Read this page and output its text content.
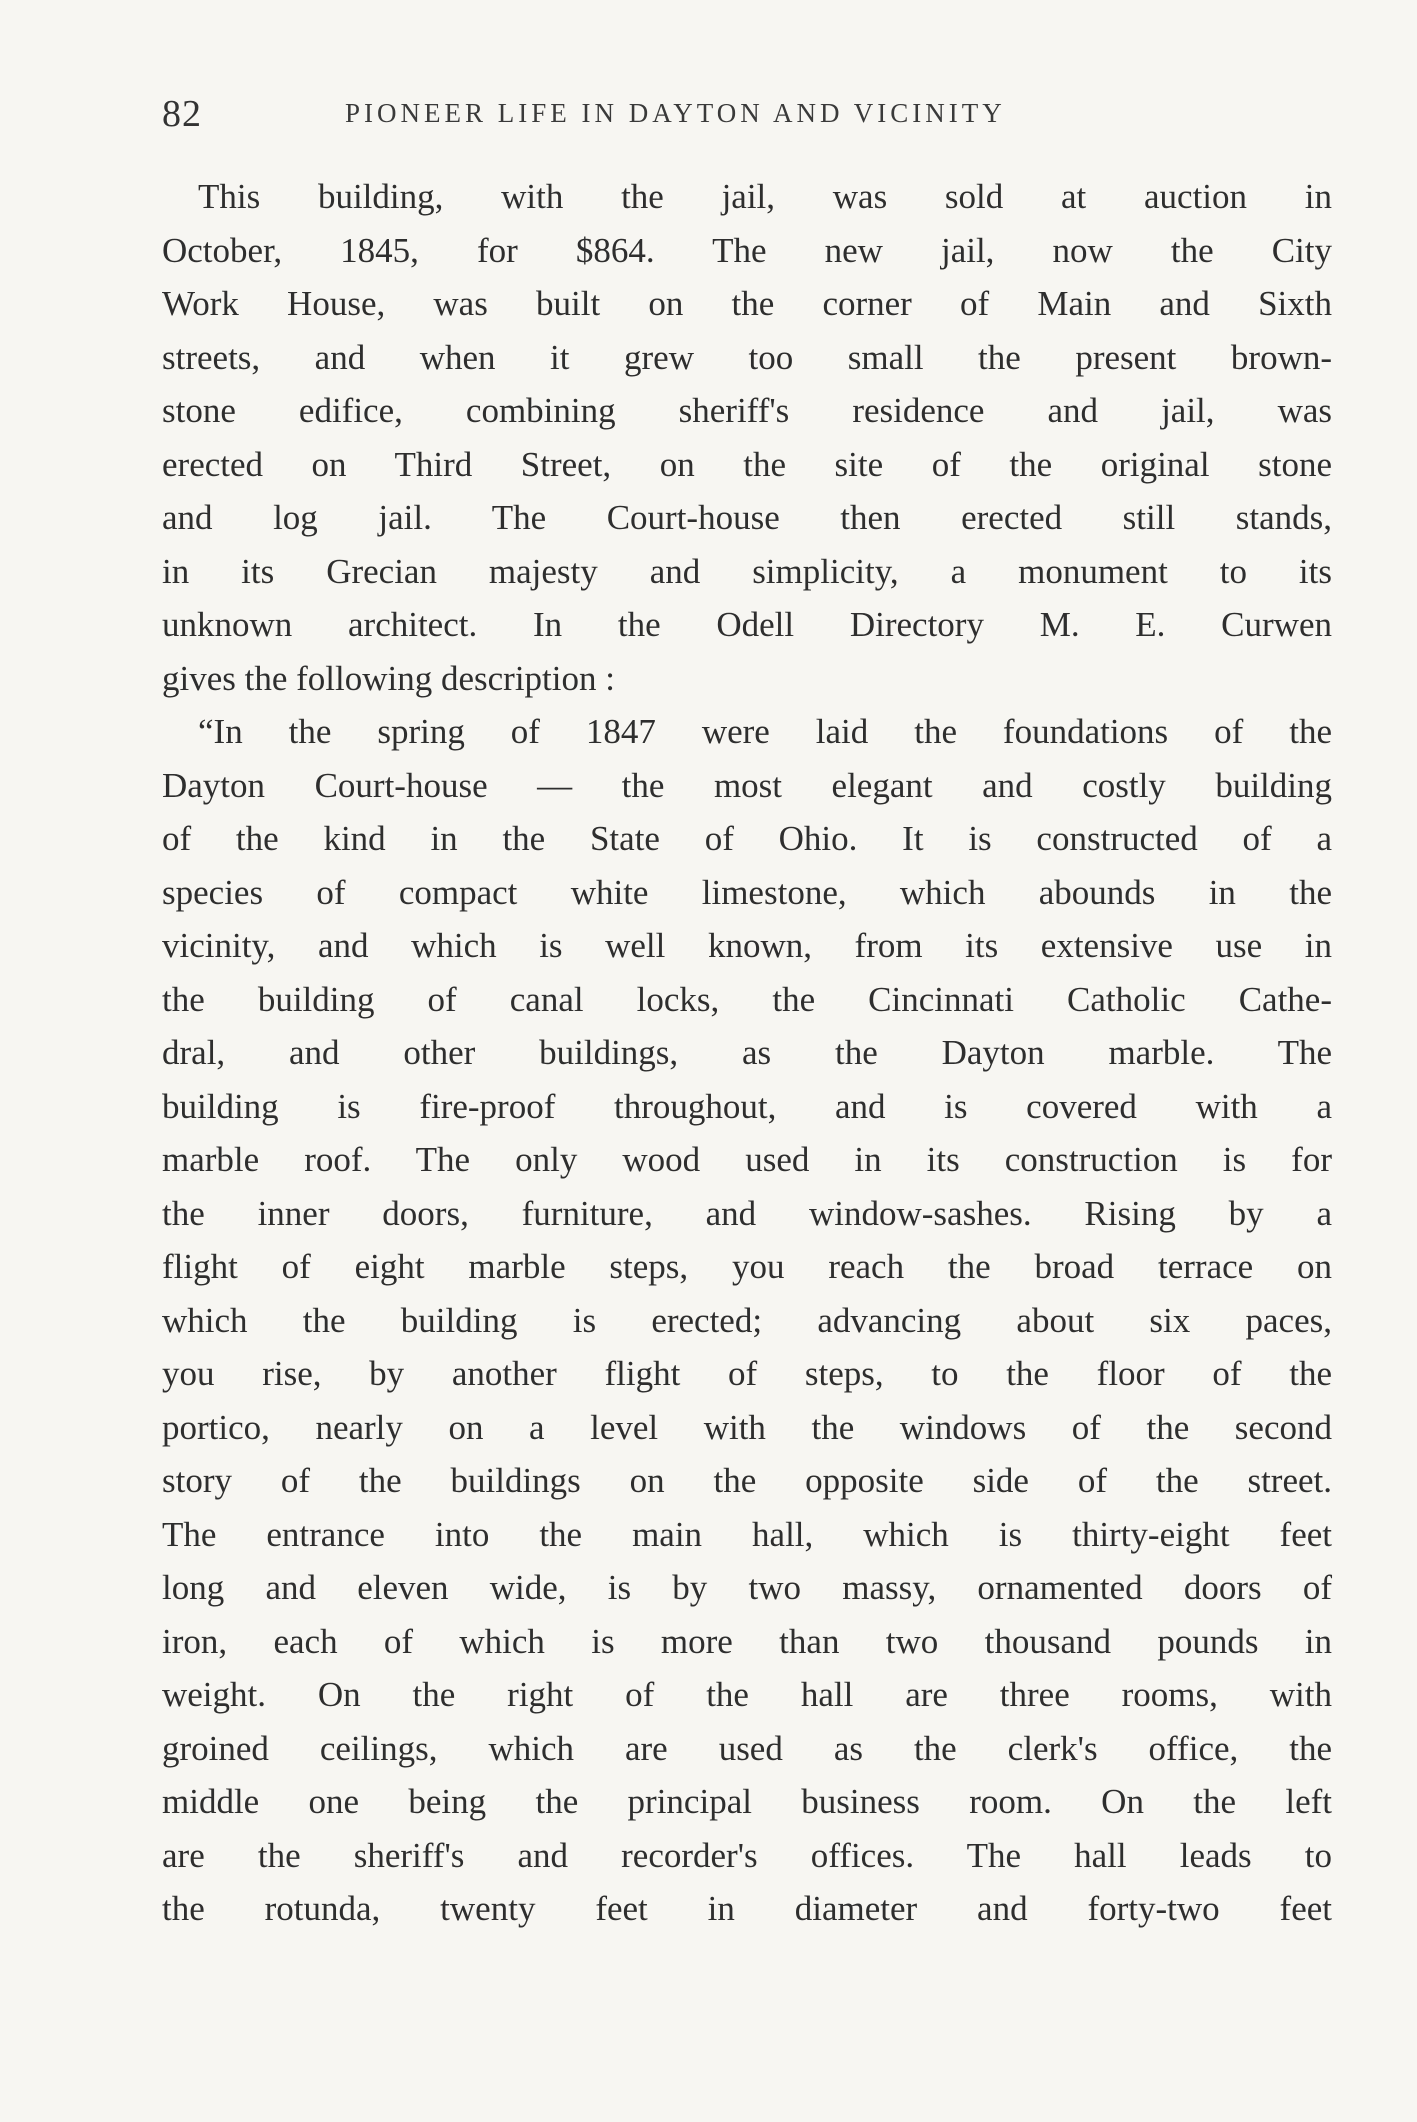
82	PIONEER LIFE IN DAYTON AND VICINITY
This building, with the jail, was sold at auction in
October, 1845, for $864. The new jail, now the City
Work House, was built on the corner of Main and Sixth
streets, and when it grew too small the present brown-
stone edifice, combining sheriff's residence and jail, was
erected on Third Street, on the site of the original stone
and log jail. The Court-house then erected still stands,
in its Grecian majesty and simplicity, a monument to its
unknown architect. In the Odell Directory M. E. Curwen
gives the following description :
“In the spring of 1847 were laid the foundations of the
Dayton Court-house — the most elegant and costly building
of the kind in the State of Ohio. It is constructed of a
species of compact white limestone, which abounds in the
vicinity, and which is well known, from its extensive use in
the building of canal locks, the Cincinnati Catholic Cathe-
dral, and other buildings, as the Dayton marble. The
building is fire-proof throughout, and is covered with a
marble roof. The only wood used in its construction is for
the inner doors, furniture, and window-sashes. Rising by a
flight of eight marble steps, you reach the broad terrace on
which the building is erected; advancing about six paces,
you rise, by another flight of steps, to the floor of the
portico, nearly on a level with the windows of the second
story of the buildings on the opposite side of the street.
The entrance into the main hall, which is thirty-eight feet
long and eleven wide, is by two massy, ornamented doors of
iron, each of which is more than two thousand pounds in
weight. On the right of the hall are three rooms, with
groined ceilings, which are used as the clerk's office, the
middle one being the principal business room. On the left
are the sheriff's and recorder's offices. The hall leads to
the rotunda, twenty feet in diameter and forty-two feet
